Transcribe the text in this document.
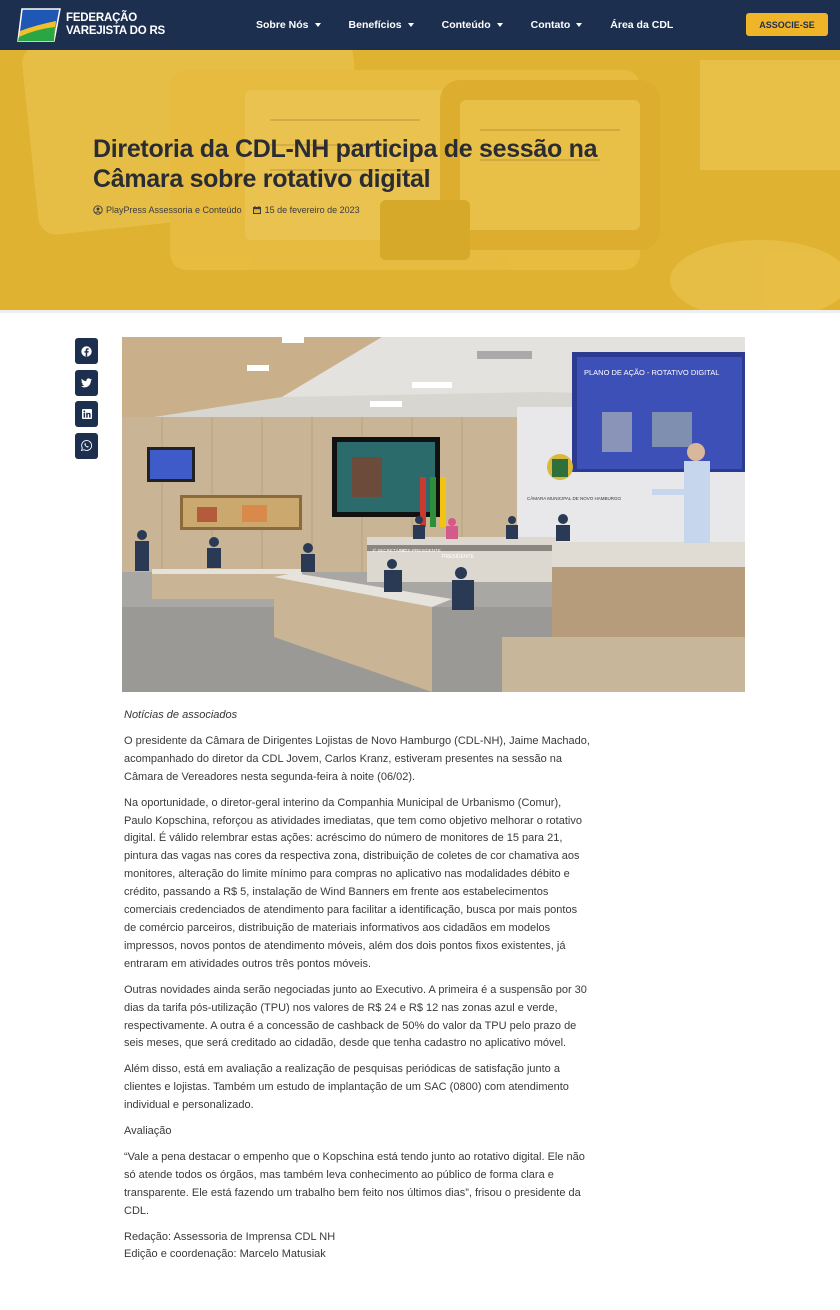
FEDERAÇÃO
VAREJISTA DO RS	Sobre Nós	Benefícios	Conteúdo	Contato	Área da CDL	ASSOCIE-SE
Diretoria da CDL-NH participa de sessão na Câmara sobre rotativo digital
PlayPress Assessoria e Conteúdo	15 de fevereiro de 2023
PLANO DE AÇÃO - ROTATIVO DIGITAL
CÂMARA MUNICIPAL DE NOVO HAMBURGO
1º SECRETÁRIO
VICE-PRESIDENTE
PRESIDENTE

Notícias de associados

O presidente da Câmara de Dirigentes Lojistas de Novo Hamburgo (CDL-NH), Jaime Machado, acompanhado do diretor da CDL Jovem, Carlos Kranz, estiveram presentes na sessão na Câmara de Vereadores nesta segunda-feira à noite (06/02).

Na oportunidade, o diretor-geral interino da Companhia Municipal de Urbanismo (Comur), Paulo Kopschina, reforçou as atividades imediatas, que tem como objetivo melhorar o rotativo digital. É válido relembrar estas ações: acréscimo do número de monitores de 15 para 21, pintura das vagas nas cores da respectiva zona, distribuição de coletes de cor chamativa aos monitores, alteração do limite mínimo para compras no aplicativo nas modalidades débito e crédito, passando a R$ 5, instalação de Wind Banners em frente aos estabelecimentos comerciais credenciados de atendimento para facilitar a identificação, busca por mais pontos de comércio parceiros, distribuição de materiais informativos aos cidadãos em modelos impressos, novos pontos de atendimento móveis, além dos dois pontos fixos existentes, já entraram em atividades outros três pontos móveis.

Outras novidades ainda serão negociadas junto ao Executivo. A primeira é a suspensão por 30 dias da tarifa pós-utilização (TPU) nos valores de R$ 24 e R$ 12 nas zonas azul e verde, respectivamente. A outra é a concessão de cashback de 50% do valor da TPU pelo prazo de seis meses, que será creditado ao cidadão, desde que tenha cadastro no aplicativo móvel.

Além disso, está em avaliação a realização de pesquisas periódicas de satisfação junto a clientes e lojistas. Também um estudo de implantação de um SAC (0800) com atendimento individual e personalizado.

Avaliação

“Vale a pena destacar o empenho que o Kopschina está tendo junto ao rotativo digital. Ele não só atende todos os órgãos, mas também leva conhecimento ao público de forma clara e transparente. Ele está fazendo um trabalho bem feito nos últimos dias”, frisou o presidente da CDL.

Redação: Assessoria de Imprensa CDL NH
Edição e coordenação: Marcelo Matusiak
